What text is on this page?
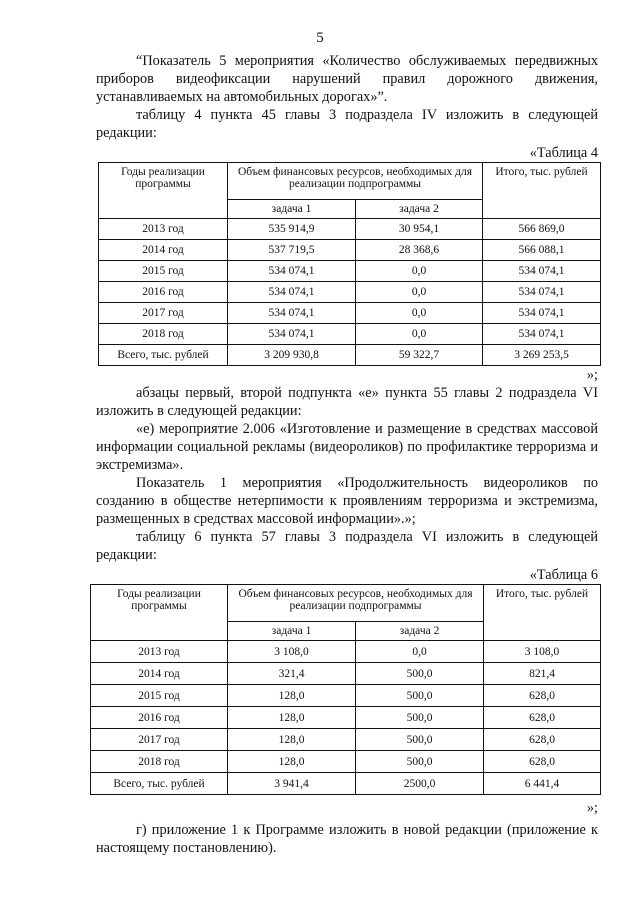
5

“Показатель 5 мероприятия «Количество обслуживаемых передвижных приборов видеофиксации нарушений правил дорожного движения, устанавливаемых на автомобильных дорогах»”.

таблицу 4 пункта 45 главы 3 подраздела IV изложить в следующей редакции:

«Таблица 4
Годы реализации программы	Объем финансовых ресурсов, необходимых для реализации подпрограммы		Итого, тыс. рублей
	задача 1	задача 2	
2013 год	535 914,9	30 954,1	566 869,0
2014 год	537 719,5	28 368,6	566 088,1
2015 год	534 074,1	0,0	534 074,1
2016 год	534 074,1	0,0	534 074,1
2017 год	534 074,1	0,0	534 074,1
2018 год	534 074,1	0,0	534 074,1
Всего, тыс. рублей	3 209 930,8	59 322,7	3 269 253,5
»;

абзацы первый, второй подпункта «е» пункта 55 главы 2 подраздела VI изложить в следующей редакции:

«е) мероприятие 2.006 «Изготовление и размещение в средствах массовой информации социальной рекламы (видеороликов) по профилактике терроризма и экстремизма».

Показатель 1 мероприятия «Продолжительность видеороликов по созданию в обществе нетерпимости к проявлениям терроризма и экстремизма, размещенных в средствах массовой информации».»;

таблицу 6 пункта 57 главы 3 подраздела VI изложить в следующей редакции:

«Таблица 6
Годы реализации программы	Объем финансовых ресурсов, необходимых для реализации подпрограммы		Итого, тыс. рублей
	задача 1	задача 2	
2013 год	3 108,0	0,0	3 108,0
2014 год	321,4	500,0	821,4
2015 год	128,0	500,0	628,0
2016 год	128,0	500,0	628,0
2017 год	128,0	500,0	628,0
2018 год	128,0	500,0	628,0
Всего, тыс. рублей	3 941,4	2500,0	6 441,4
»;

г) приложение 1 к Программе изложить в новой редакции (приложение к настоящему постановлению).
